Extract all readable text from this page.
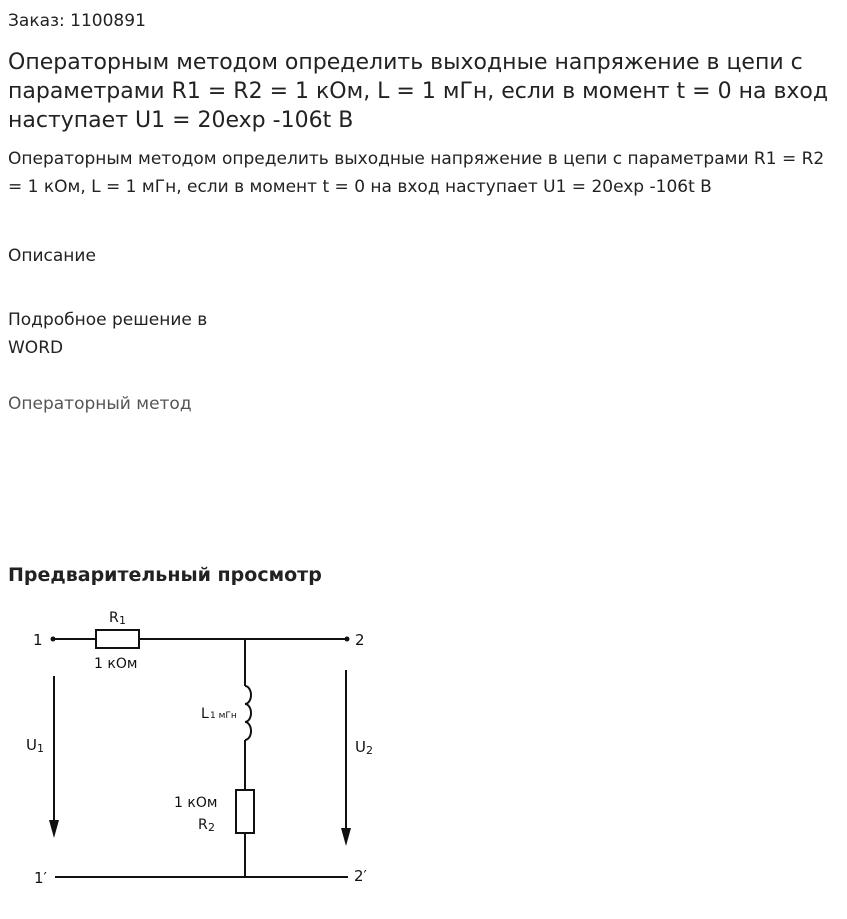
Заказ: 1100891
Операторным методом определить выходные напряжение в цепи с параметрами R1 = R2 = 1 кОм, L = 1 мГн, если в момент t = 0 на вход наступает U1 = 20exp -106t В
Операторным методом определить выходные напряжение в цепи с параметрами R1 = R2 = 1 кОм, L = 1 мГн, если в момент t = 0 на вход наступает U1 = 20exp -106t В
Описание
Подробное решение в WORD
Операторный метод
Предварительный просмотр
1	2
1′	2′
R 1
1 кОм
L 1 мГн
1 кОм
R 2
U 1	U 2
